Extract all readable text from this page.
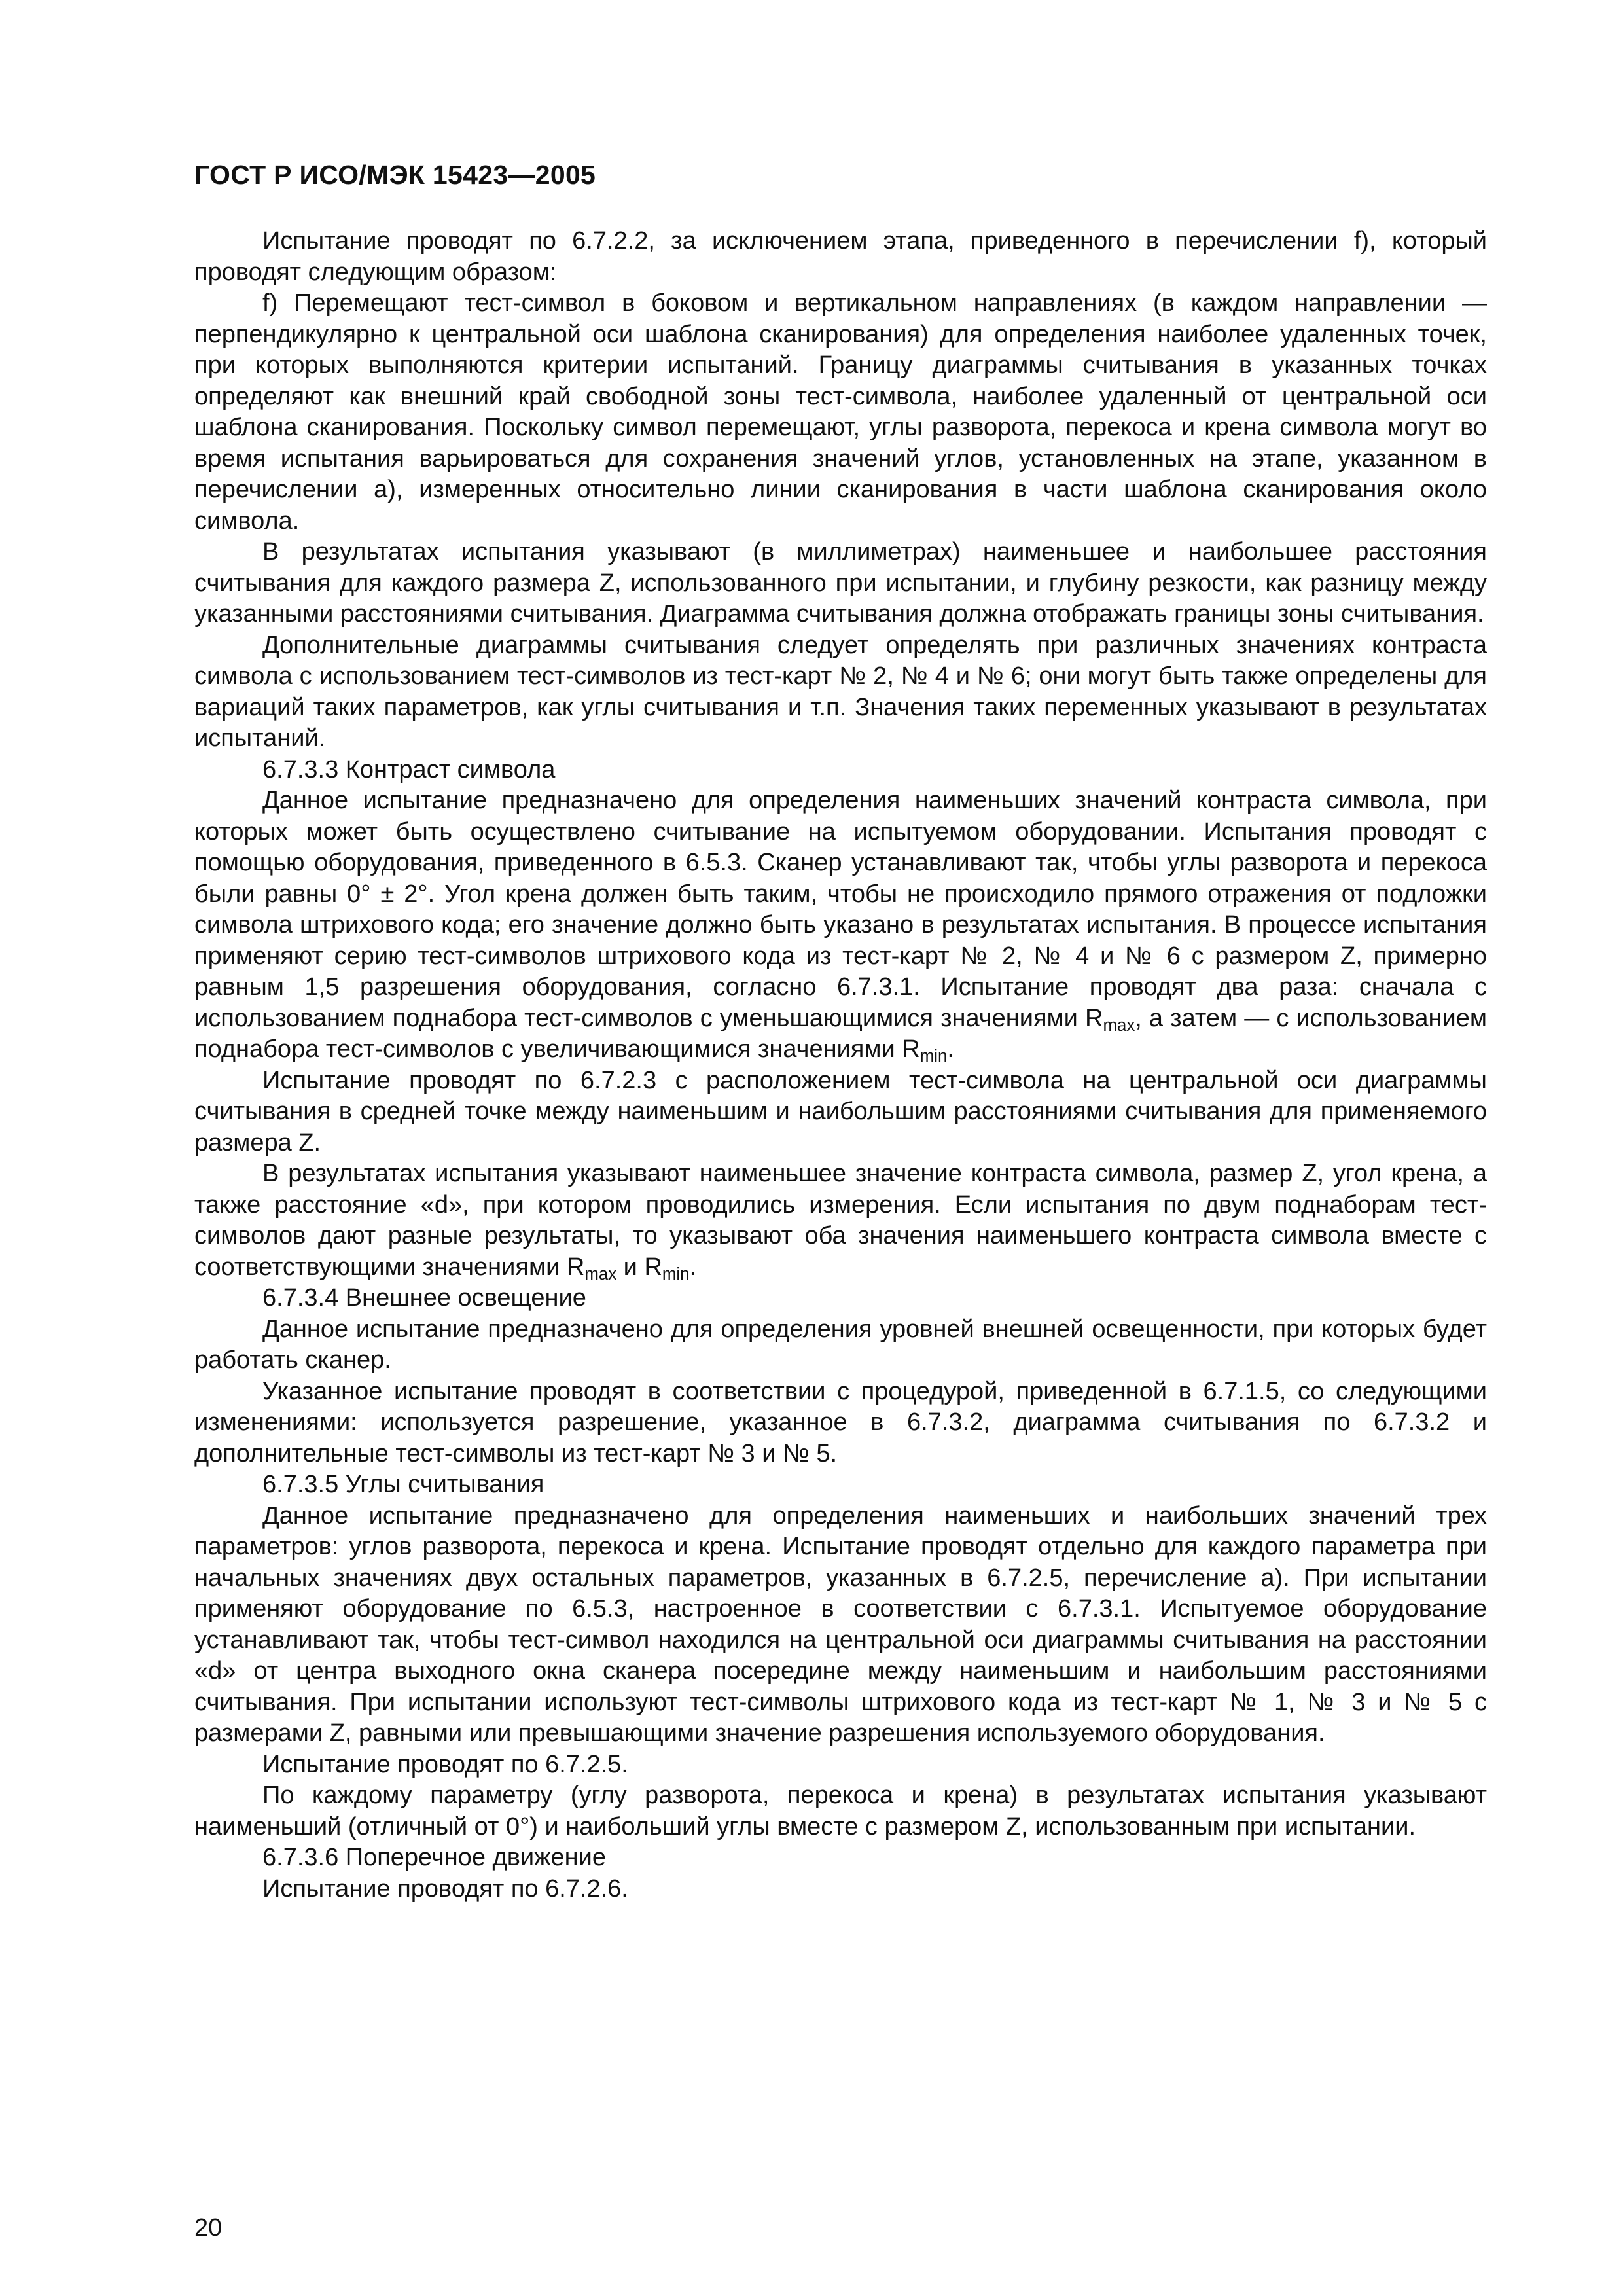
ГОСТ Р ИСО/МЭК 15423—2005

Испытание проводят по 6.7.2.2, за исключением этапа, приведенного в перечислении f), который проводят следующим образом:

f) Перемещают тест-символ в боковом и вертикальном направлениях (в каждом направлении — перпендикулярно к центральной оси шаблона сканирования) для определения наиболее удаленных точек, при которых выполняются критерии испытаний. Границу диаграммы считывания в указанных точках определяют как внешний край свободной зоны тест-символа, наиболее удаленный от центральной оси шаблона сканирования. Поскольку символ перемещают, углы разворота, перекоса и крена символа могут во время испытания варьироваться для сохранения значений углов, установленных на этапе, указанном в перечислении а), измеренных относительно линии сканирования в части шаблона сканирования около символа.

В результатах испытания указывают (в миллиметрах) наименьшее и наибольшее расстояния считывания для каждого размера Z, использованного при испытании, и глубину резкости, как разницу между указанными расстояниями считывания. Диаграмма считывания должна отображать границы зоны считывания.

Дополнительные диаграммы считывания следует определять при различных значениях контраста символа с использованием тест-символов из тест-карт № 2, № 4 и № 6; они могут быть также определены для вариаций таких параметров, как углы считывания и т.п. Значения таких переменных указывают в результатах испытаний.

6.7.3.3 Контраст символа

Данное испытание предназначено для определения наименьших значений контраста символа, при которых может быть осуществлено считывание на испытуемом оборудовании. Испытания проводят с помощью оборудования, приведенного в 6.5.3. Сканер устанавливают так, чтобы углы разворота и перекоса были равны 0° ± 2°. Угол крена должен быть таким, чтобы не происходило прямого отражения от подложки символа штрихового кода; его значение должно быть указано в результатах испытания. В процессе испытания применяют серию тест-символов штрихового кода из тест-карт № 2, № 4 и № 6 с размером Z, примерно равным 1,5 разрешения оборудования, согласно 6.7.3.1. Испытание проводят два раза: сначала с использованием поднабора тест-символов с уменьшающимися значениями $R_{max}$, а затем — с использованием поднабора тест-символов с увеличивающимися значениями $R_{min}$.

Испытание проводят по 6.7.2.3 с расположением тест-символа на центральной оси диаграммы считывания в средней точке между наименьшим и наибольшим расстояниями считывания для применяемого размера Z.

В результатах испытания указывают наименьшее значение контраста символа, размер Z, угол крена, а также расстояние «d», при котором проводились измерения. Если испытания по двум поднаборам тест-символов дают разные результаты, то указывают оба значения наименьшего контраста символа вместе с соответствующими значениями $R_{max}$ и $R_{min}$.

6.7.3.4 Внешнее освещение

Данное испытание предназначено для определения уровней внешней освещенности, при которых будет работать сканер.

Указанное испытание проводят в соответствии с процедурой, приведенной в 6.7.1.5, со следующими изменениями: используется разрешение, указанное в 6.7.3.2, диаграмма считывания по 6.7.3.2 и дополнительные тест-символы из тест-карт № 3 и № 5.

6.7.3.5 Углы считывания

Данное испытание предназначено для определения наименьших и наибольших значений трех параметров: углов разворота, перекоса и крена. Испытание проводят отдельно для каждого параметра при начальных значениях двух остальных параметров, указанных в 6.7.2.5, перечисление а). При испытании применяют оборудование по 6.5.3, настроенное в соответствии с 6.7.3.1. Испытуемое оборудование устанавливают так, чтобы тест-символ находился на центральной оси диаграммы считывания на расстоянии «d» от центра выходного окна сканера посередине между наименьшим и наибольшим расстояниями считывания. При испытании используют тест-символы штрихового кода из тест-карт № 1, № 3 и № 5 с размерами Z, равными или превышающими значение разрешения используемого оборудования.

Испытание проводят по 6.7.2.5.

По каждому параметру (углу разворота, перекоса и крена) в результатах испытания указывают наименьший (отличный от 0°) и наибольший углы вместе с размером Z, использованным при испытании.

6.7.3.6 Поперечное движение

Испытание проводят по 6.7.2.6.

20
